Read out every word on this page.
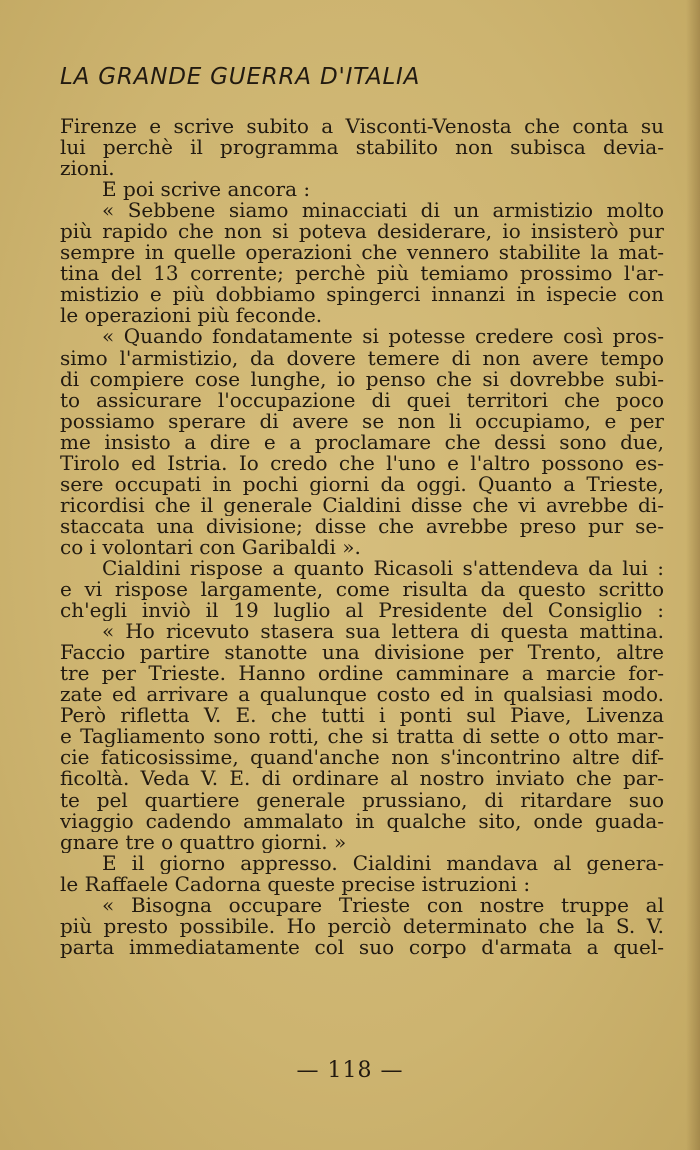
LA GRANDE GUERRA D'ITALIA
Firenze e scrive subito a Visconti-Venosta che conta su
lui perchè il programma stabilito non subisca devia-
zioni.
E poi scrive ancora :
« Sebbene siamo minacciati di un armistizio molto
più rapido che non si poteva desiderare, io insisterò pur
sempre in quelle operazioni che vennero stabilite la mat-
tina del 13 corrente; perchè più temiamo prossimo l'ar-
mistizio e più dobbiamo spingerci innanzi in ispecie con
le operazioni più feconde.
« Quando fondatamente si potesse credere così pros-
simo l'armistizio, da dovere temere di non avere tempo
di compiere cose lunghe, io penso che si dovrebbe subi-
to assicurare l'occupazione di quei territori che poco
possiamo sperare di avere se non li occupiamo, e per
me insisto a dire e a proclamare che dessi sono due,
Tirolo ed Istria. Io credo che l'uno e l'altro possono es-
sere occupati in pochi giorni da oggi. Quanto a Trieste,
ricordisi che il generale Cialdini disse che vi avrebbe di-
staccata una divisione; disse che avrebbe preso pur se-
co i volontari con Garibaldi ».
Cialdini rispose a quanto Ricasoli s'attendeva da lui :
e vi rispose largamente, come risulta da questo scritto
ch'egli inviò il 19 luglio al Presidente del Consiglio :
« Ho ricevuto stasera sua lettera di questa mattina.
Faccio partire stanotte una divisione per Trento, altre
tre per Trieste. Hanno ordine camminare a marcie for-
zate ed arrivare a qualunque costo ed in qualsiasi modo.
Però rifletta V. E. che tutti i ponti sul Piave, Livenza
e Tagliamento sono rotti, che si tratta di sette o otto mar-
cie faticosissime, quand'anche non s'incontrino altre dif-
ficoltà. Veda V. E. di ordinare al nostro inviato che par-
te pel quartiere generale prussiano, di ritardare suo
viaggio cadendo ammalato in qualche sito, onde guada-
gnare tre o quattro giorni. »
E il giorno appresso. Cialdini mandava al genera-
le Raffaele Cadorna queste precise istruzioni :
« Bisogna occupare Trieste con nostre truppe al
più presto possibile. Ho perciò determinato che la S. V.
parta immediatamente col suo corpo d'armata a quel-
— 118 —
